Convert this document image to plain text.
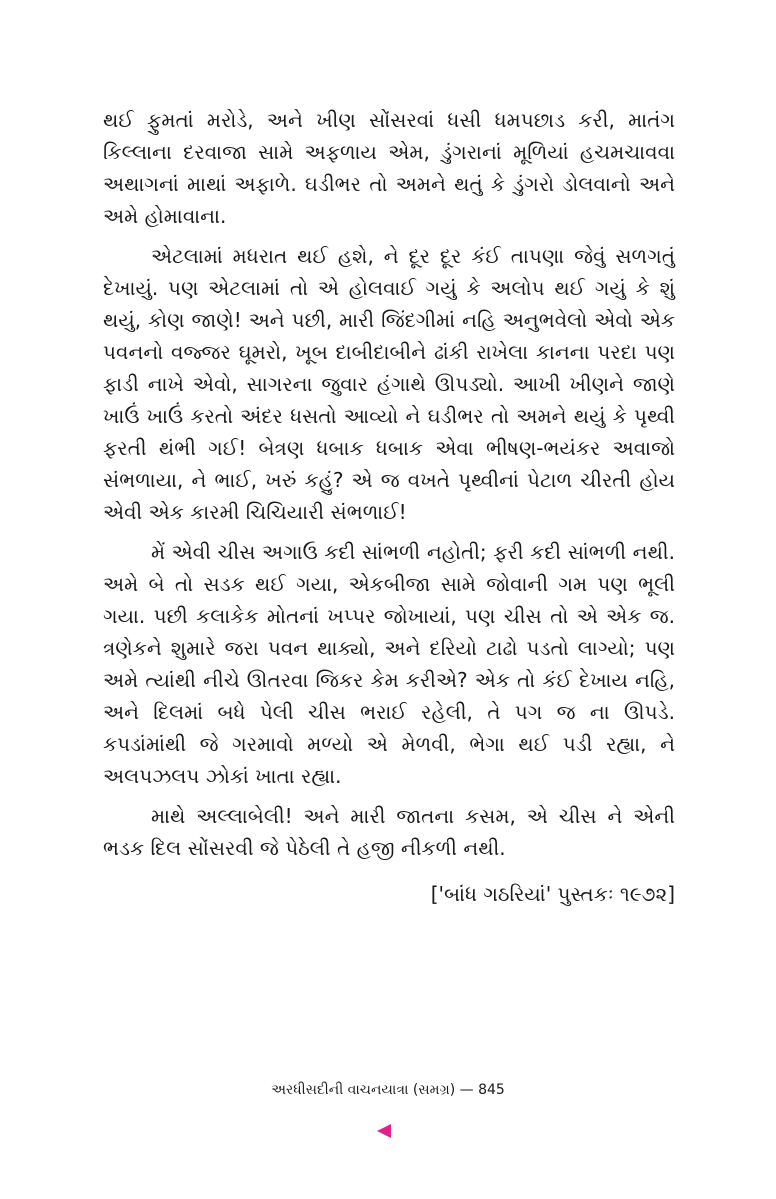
થઈ ફુમતાં મરોડે, અને ખીણ સોંસરવાં ધસી ધમપછાડ કરી, માતંગ કિલ્લાના દરવાજા સામે અફળાય એમ, ડુંગરાનાં મૂળિયાં હચમચાવવા અથાગનાં માથાં અફાળે. ઘડીભર તો અમને થતું કે ડુંગરો ડોલવાનો અને અમે હોમાવાના.

એટલામાં મધરાત થઈ હશે, ને દૂર દૂર કંઈ તાપણા જેવું સળગતું દેખાયું. પણ એટલામાં તો એ હોલવાઈ ગયું કે અલોપ થઈ ગયું કે શું થયું, કોણ જાણે! અને પછી, મારી જિંદગીમાં નહિ અનુભવેલો એવો એક પવનનો વજ્જર ઘૂમરો, ખૂબ દાબીદાબીને ઢાંકી રાખેલા કાનના પરદા પણ ફાડી નાખે એવો, સાગરના જુવાર હંગાથે ઊપડ્યો. આખી ખીણને જાણે ખાઉં ખાઉં કરતો અંદર ધસતો આવ્યો ને ઘડીભર તો અમને થયું કે પૃથ્વી ફરતી થંભી ગઈ! બેત્રણ ધબાક ધબાક એવા ભીષણ-ભયંકર અવાજો સંભળાયા, ને ભાઈ, ખરું કહું? એ જ વખતે પૃથ્વીનાં પેટાળ ચીરતી હોય એવી એક કારમી ચિચિયારી સંભળાઈ!

મેં એવી ચીસ અગાઉ કદી સાંભળી નહોતી; ફરી કદી સાંભળી નથી. અમે બે તો સડક થઈ ગયા, એકબીજા સામે જોવાની ગમ પણ ભૂલી ગયા. પછી કલાકેક મોતનાં ખપ્પર જોખાયાં, પણ ચીસ તો એ એક જ. ત્રણેકને શુમારે જરા પવન થાક્યો, અને દરિયો ટાઢો પડતો લાગ્યો; પણ અમે ત્યાંથી નીચે ઊતરવા જિકર કેમ કરીએ? એક તો કંઈ દેખાય નહિ, અને દિલમાં બધે પેલી ચીસ ભરાઈ રહેલી, તે પગ જ ના ઊપડે. કપડાંમાંથી જે ગરમાવો મળ્યો એ મેળવી, ભેગા થઈ પડી રહ્યા, ને અલપઝલપ ઝોકાં ખાતા રહ્યા.

માથે અલ્લાબેલી! અને મારી જાતના કસમ, એ ચીસ ને એની ભડક દિલ સોંસરવી જે પેઠેલી તે હજી નીકળી નથી.

['બાંધ ગઠરિયાં' પુસ્તકઃ ૧૯૭૨]
અરધીસદીની વાચનયાત્રા (સમગ્ર) — 845
